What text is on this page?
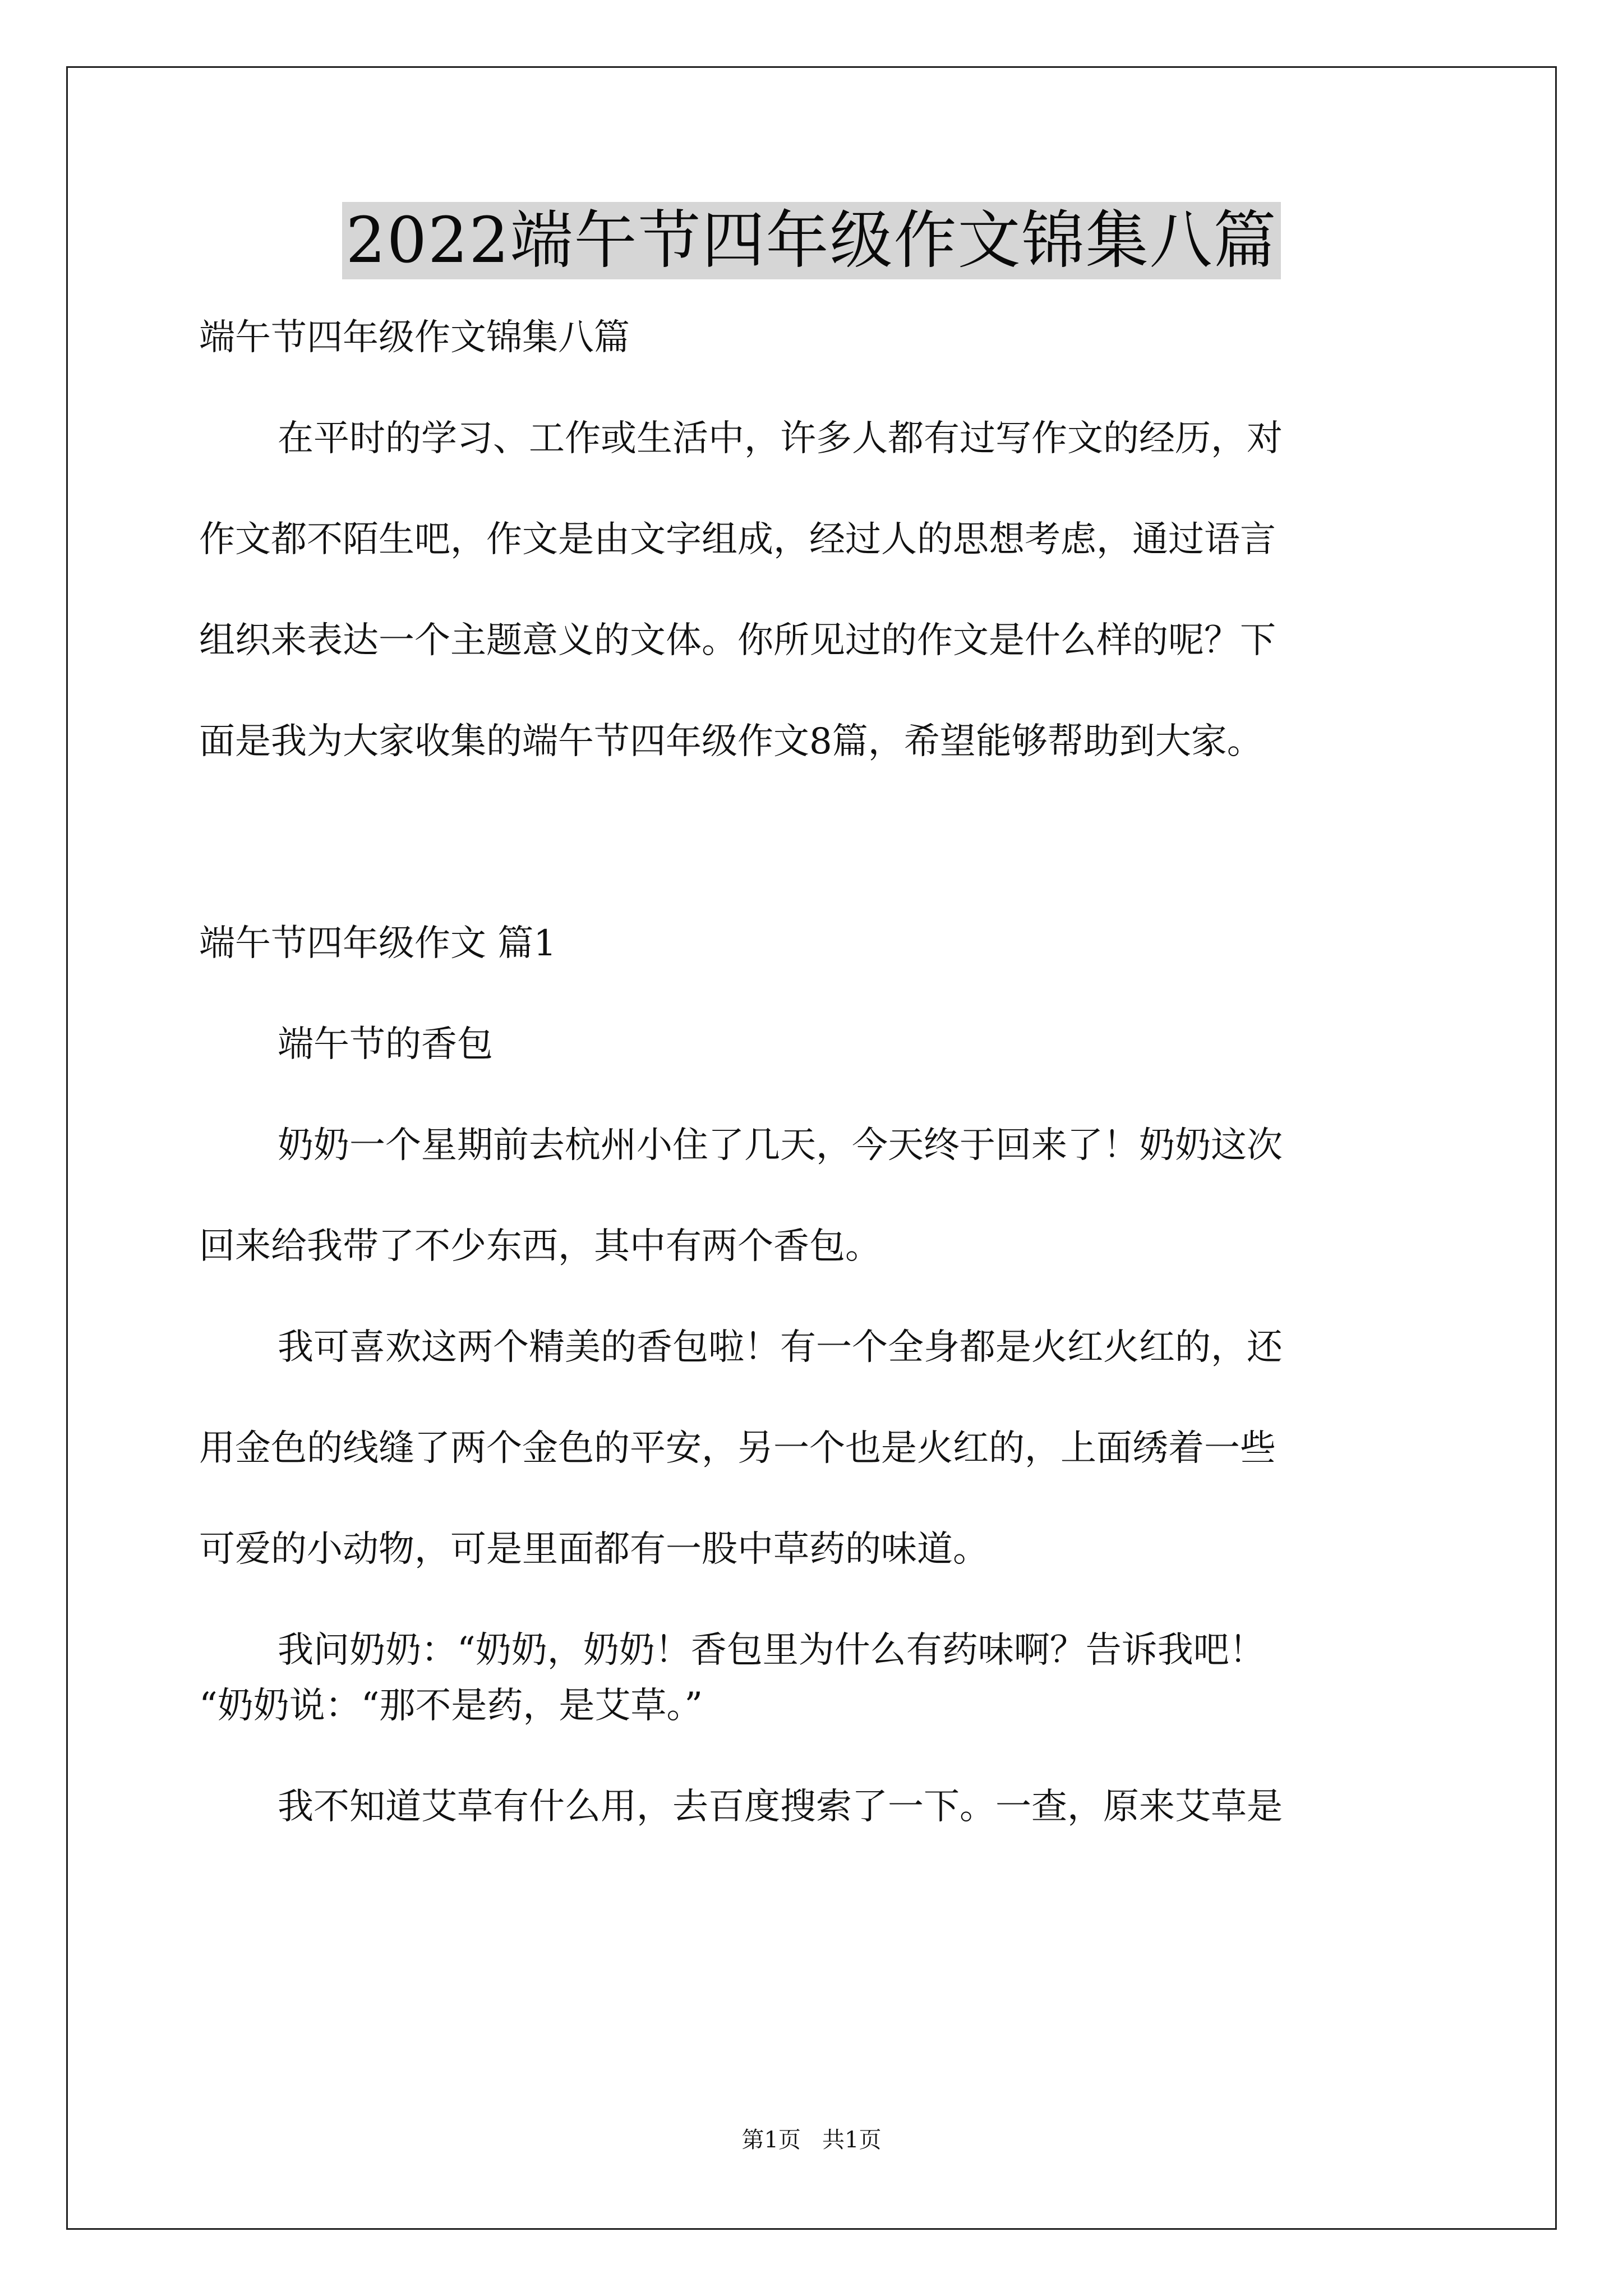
2022端午节四年级作文锦集八篇
端午节四年级作文锦集八篇
在平时的学习、工作或生活中，许多人都有过写作文的经历，对
作文都不陌生吧，作文是由文字组成，经过人的思想考虑，通过语言
组织来表达一个主题意义的文体。你所见过的作文是什么样的呢？下
面是我为大家收集的端午节四年级作文8篇，希望能够帮助到大家。
端午节四年级作文 篇1
端午节的香包
奶奶一个星期前去杭州小住了几天，今天终于回来了！奶奶这次
回来给我带了不少东西，其中有两个香包。
我可喜欢这两个精美的香包啦！有一个全身都是火红火红的，还
用金色的线缝了两个金色的平安，另一个也是火红的，上面绣着一些
可爱的小动物，可是里面都有一股中草药的味道。
我问奶奶：“奶奶，奶奶！香包里为什么有药味啊？告诉我吧！
“奶奶说：“那不是药，是艾草。”
我不知道艾草有什么用，去百度搜索了一下。一查，原来艾草是
第1页   共1页
